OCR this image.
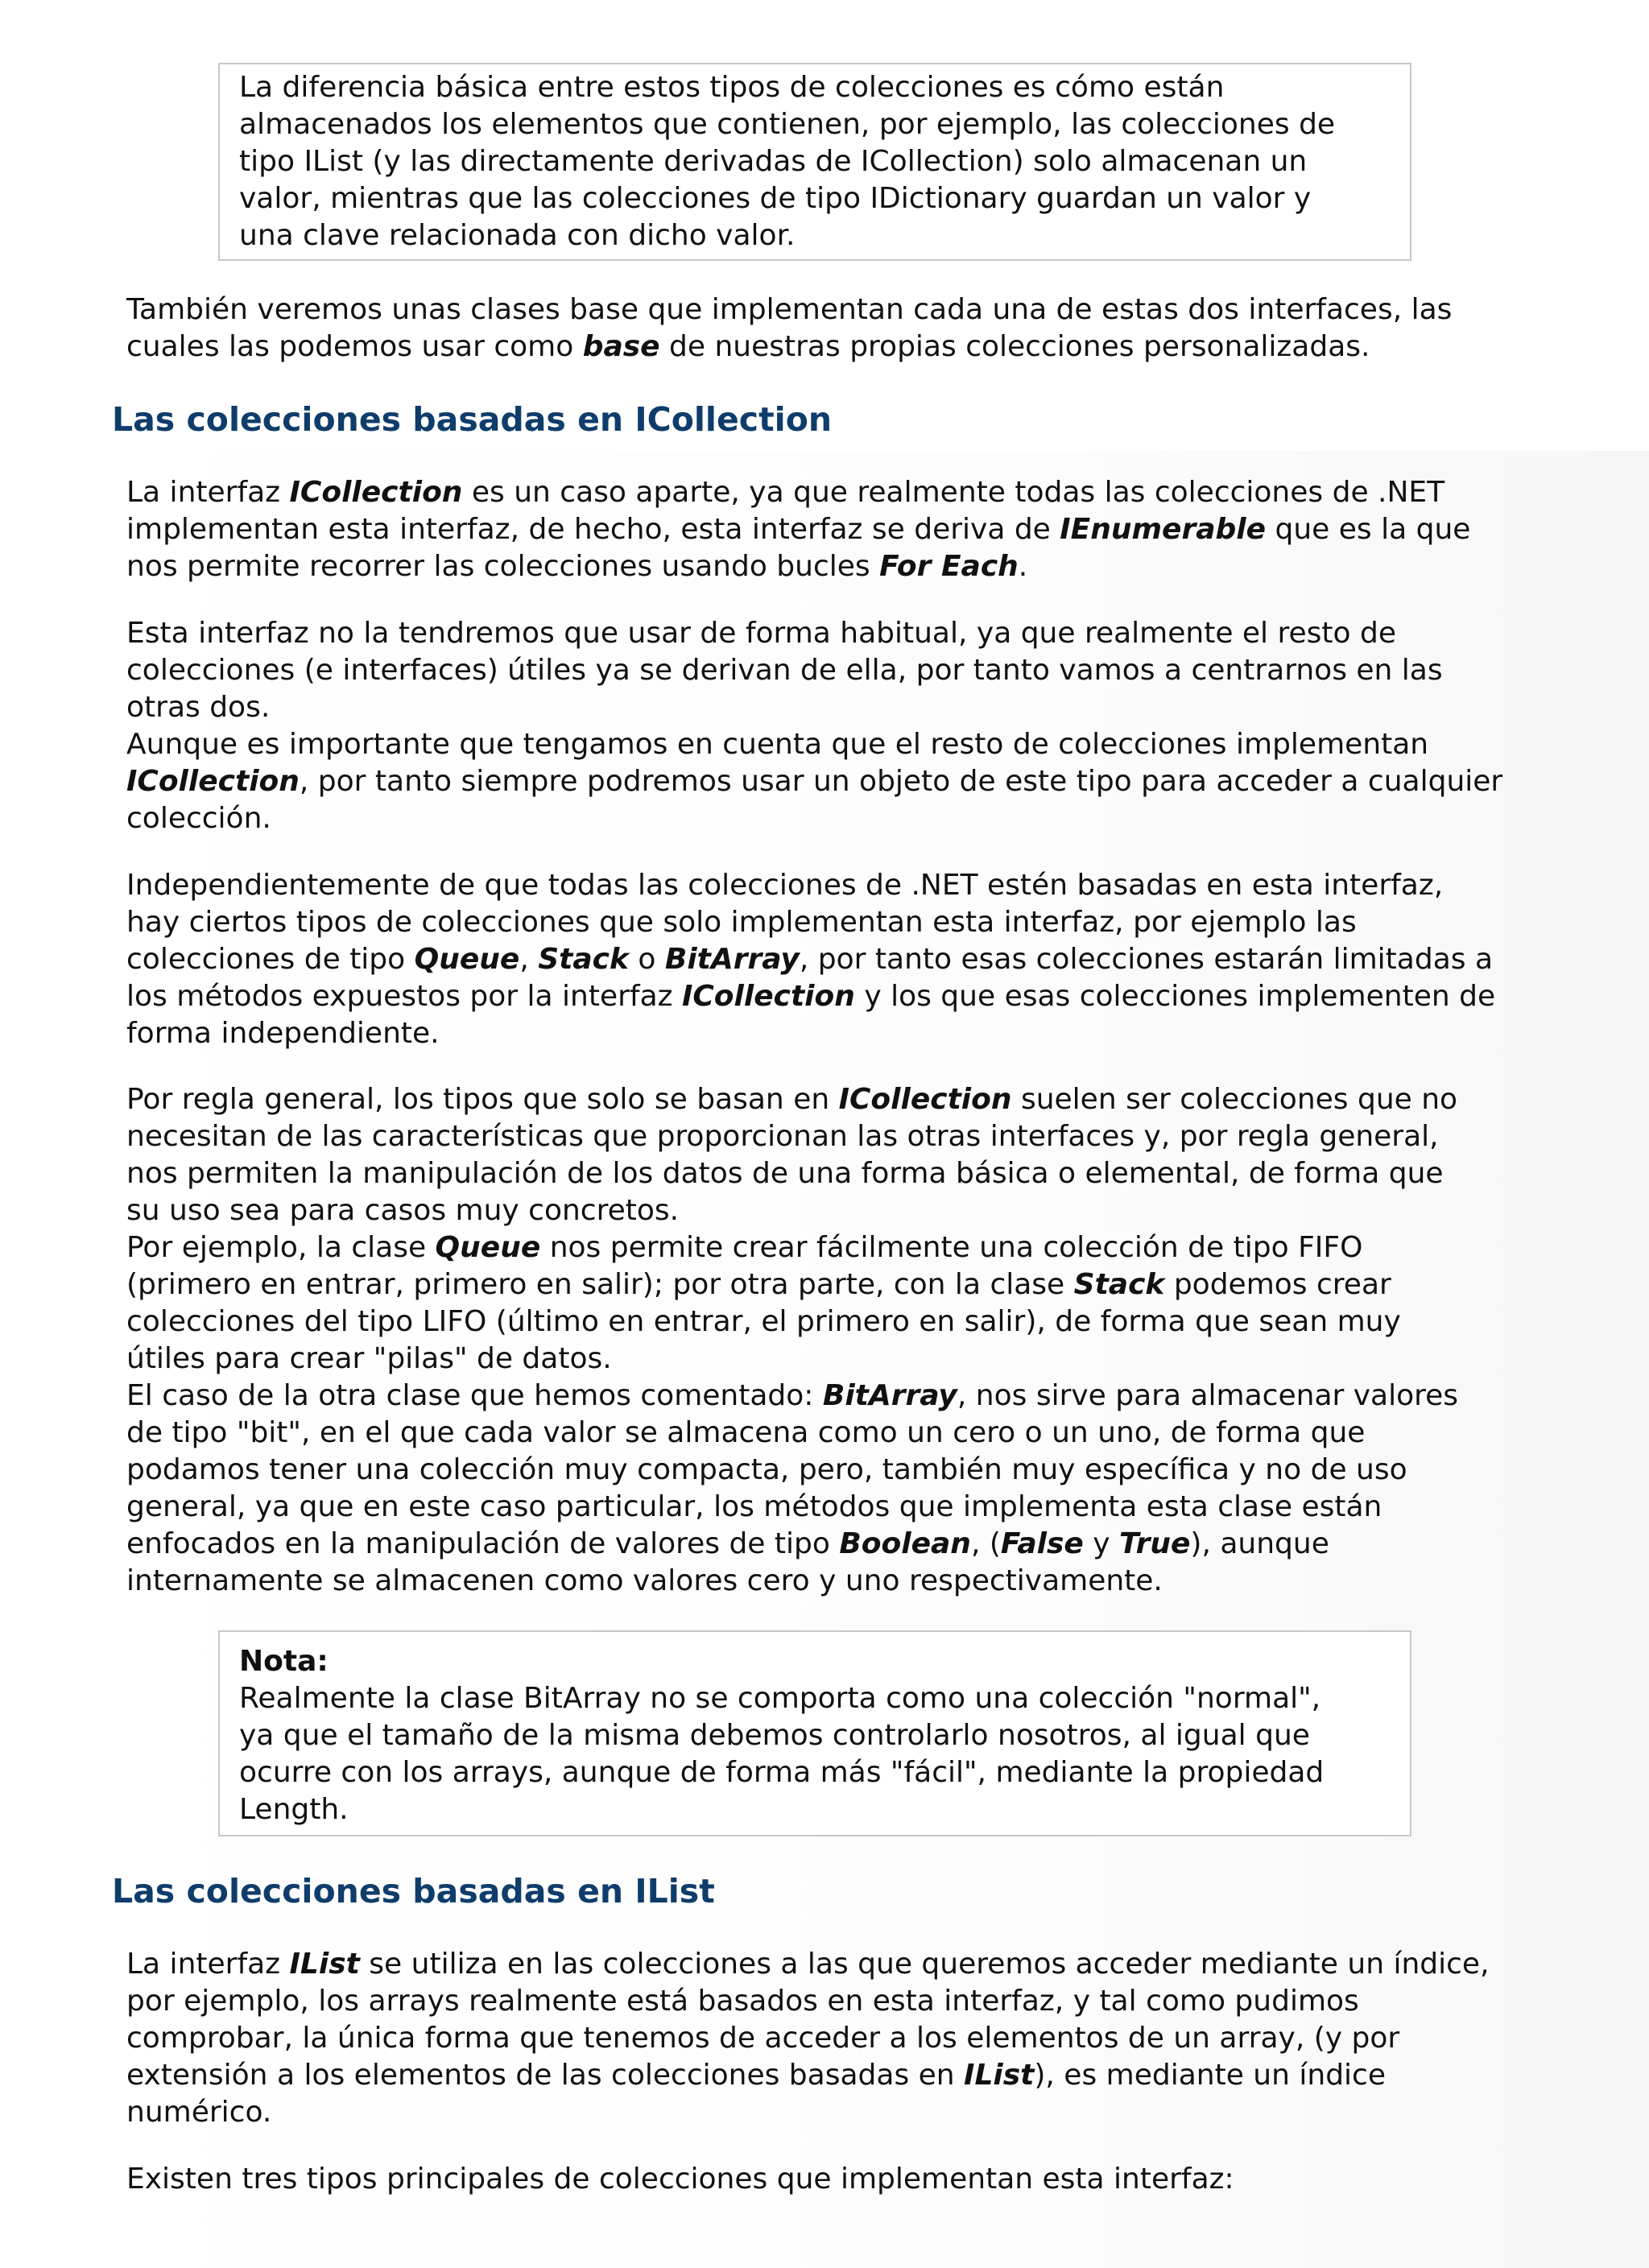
La diferencia básica entre estos tipos de colecciones es cómo están

almacenados los elementos que contienen, por ejemplo, las colecciones de

tipo IList (y las directamente derivadas de ICollection) solo almacenan un

valor, mientras que las colecciones de tipo IDictionary guardan un valor y

una clave relacionada con dicho valor.

También veremos unas clases base que implementan cada una de estas dos interfaces, las
cuales las podemos usar como base de nuestras propias colecciones personalizadas.

Las colecciones basadas en ICollection

La interfaz ICollection es un caso aparte, ya que realmente todas las colecciones de .NET
implementan esta interfaz, de hecho, esta interfaz se deriva de IEnumerable que es la que
nos permite recorrer las colecciones usando bucles For Each.

Esta interfaz no la tendremos que usar de forma habitual, ya que realmente el resto de
colecciones (e interfaces) útiles ya se derivan de ella, por tanto vamos a centrarnos en las
otras dos.
Aunque es importante que tengamos en cuenta que el resto de colecciones implementan
ICollection, por tanto siempre podremos usar un objeto de este tipo para acceder a cualquier
colección.

Independientemente de que todas las colecciones de .NET estén basadas en esta interfaz,
hay ciertos tipos de colecciones que solo implementan esta interfaz, por ejemplo las
colecciones de tipo Queue, Stack o BitArray, por tanto esas colecciones estarán limitadas a
los métodos expuestos por la interfaz ICollection y los que esas colecciones implementen de
forma independiente.

Por regla general, los tipos que solo se basan en ICollection suelen ser colecciones que no
necesitan de las características que proporcionan las otras interfaces y, por regla general,
nos permiten la manipulación de los datos de una forma básica o elemental, de forma que
su uso sea para casos muy concretos.
Por ejemplo, la clase Queue nos permite crear fácilmente una colección de tipo FIFO
(primero en entrar, primero en salir); por otra parte, con la clase Stack podemos crear
colecciones del tipo LIFO (último en entrar, el primero en salir), de forma que sean muy
útiles para crear "pilas" de datos.
El caso de la otra clase que hemos comentado: BitArray, nos sirve para almacenar valores
de tipo "bit", en el que cada valor se almacena como un cero o un uno, de forma que
podamos tener una colección muy compacta, pero, también muy específica y no de uso
general, ya que en este caso particular, los métodos que implementa esta clase están
enfocados en la manipulación de valores de tipo Boolean, (False y True), aunque
internamente se almacenen como valores cero y uno respectivamente.

Nota:

Realmente la clase BitArray no se comporta como una colección "normal",

ya que el tamaño de la misma debemos controlarlo nosotros, al igual que

ocurre con los arrays, aunque de forma más "fácil", mediante la propiedad

Length.

Las colecciones basadas en IList

La interfaz IList se utiliza en las colecciones a las que queremos acceder mediante un índice,
por ejemplo, los arrays realmente está basados en esta interfaz, y tal como pudimos
comprobar, la única forma que tenemos de acceder a los elementos de un array, (y por
extensión a los elementos de las colecciones basadas en IList), es mediante un índice
numérico.

Existen tres tipos principales de colecciones que implementan esta interfaz:
